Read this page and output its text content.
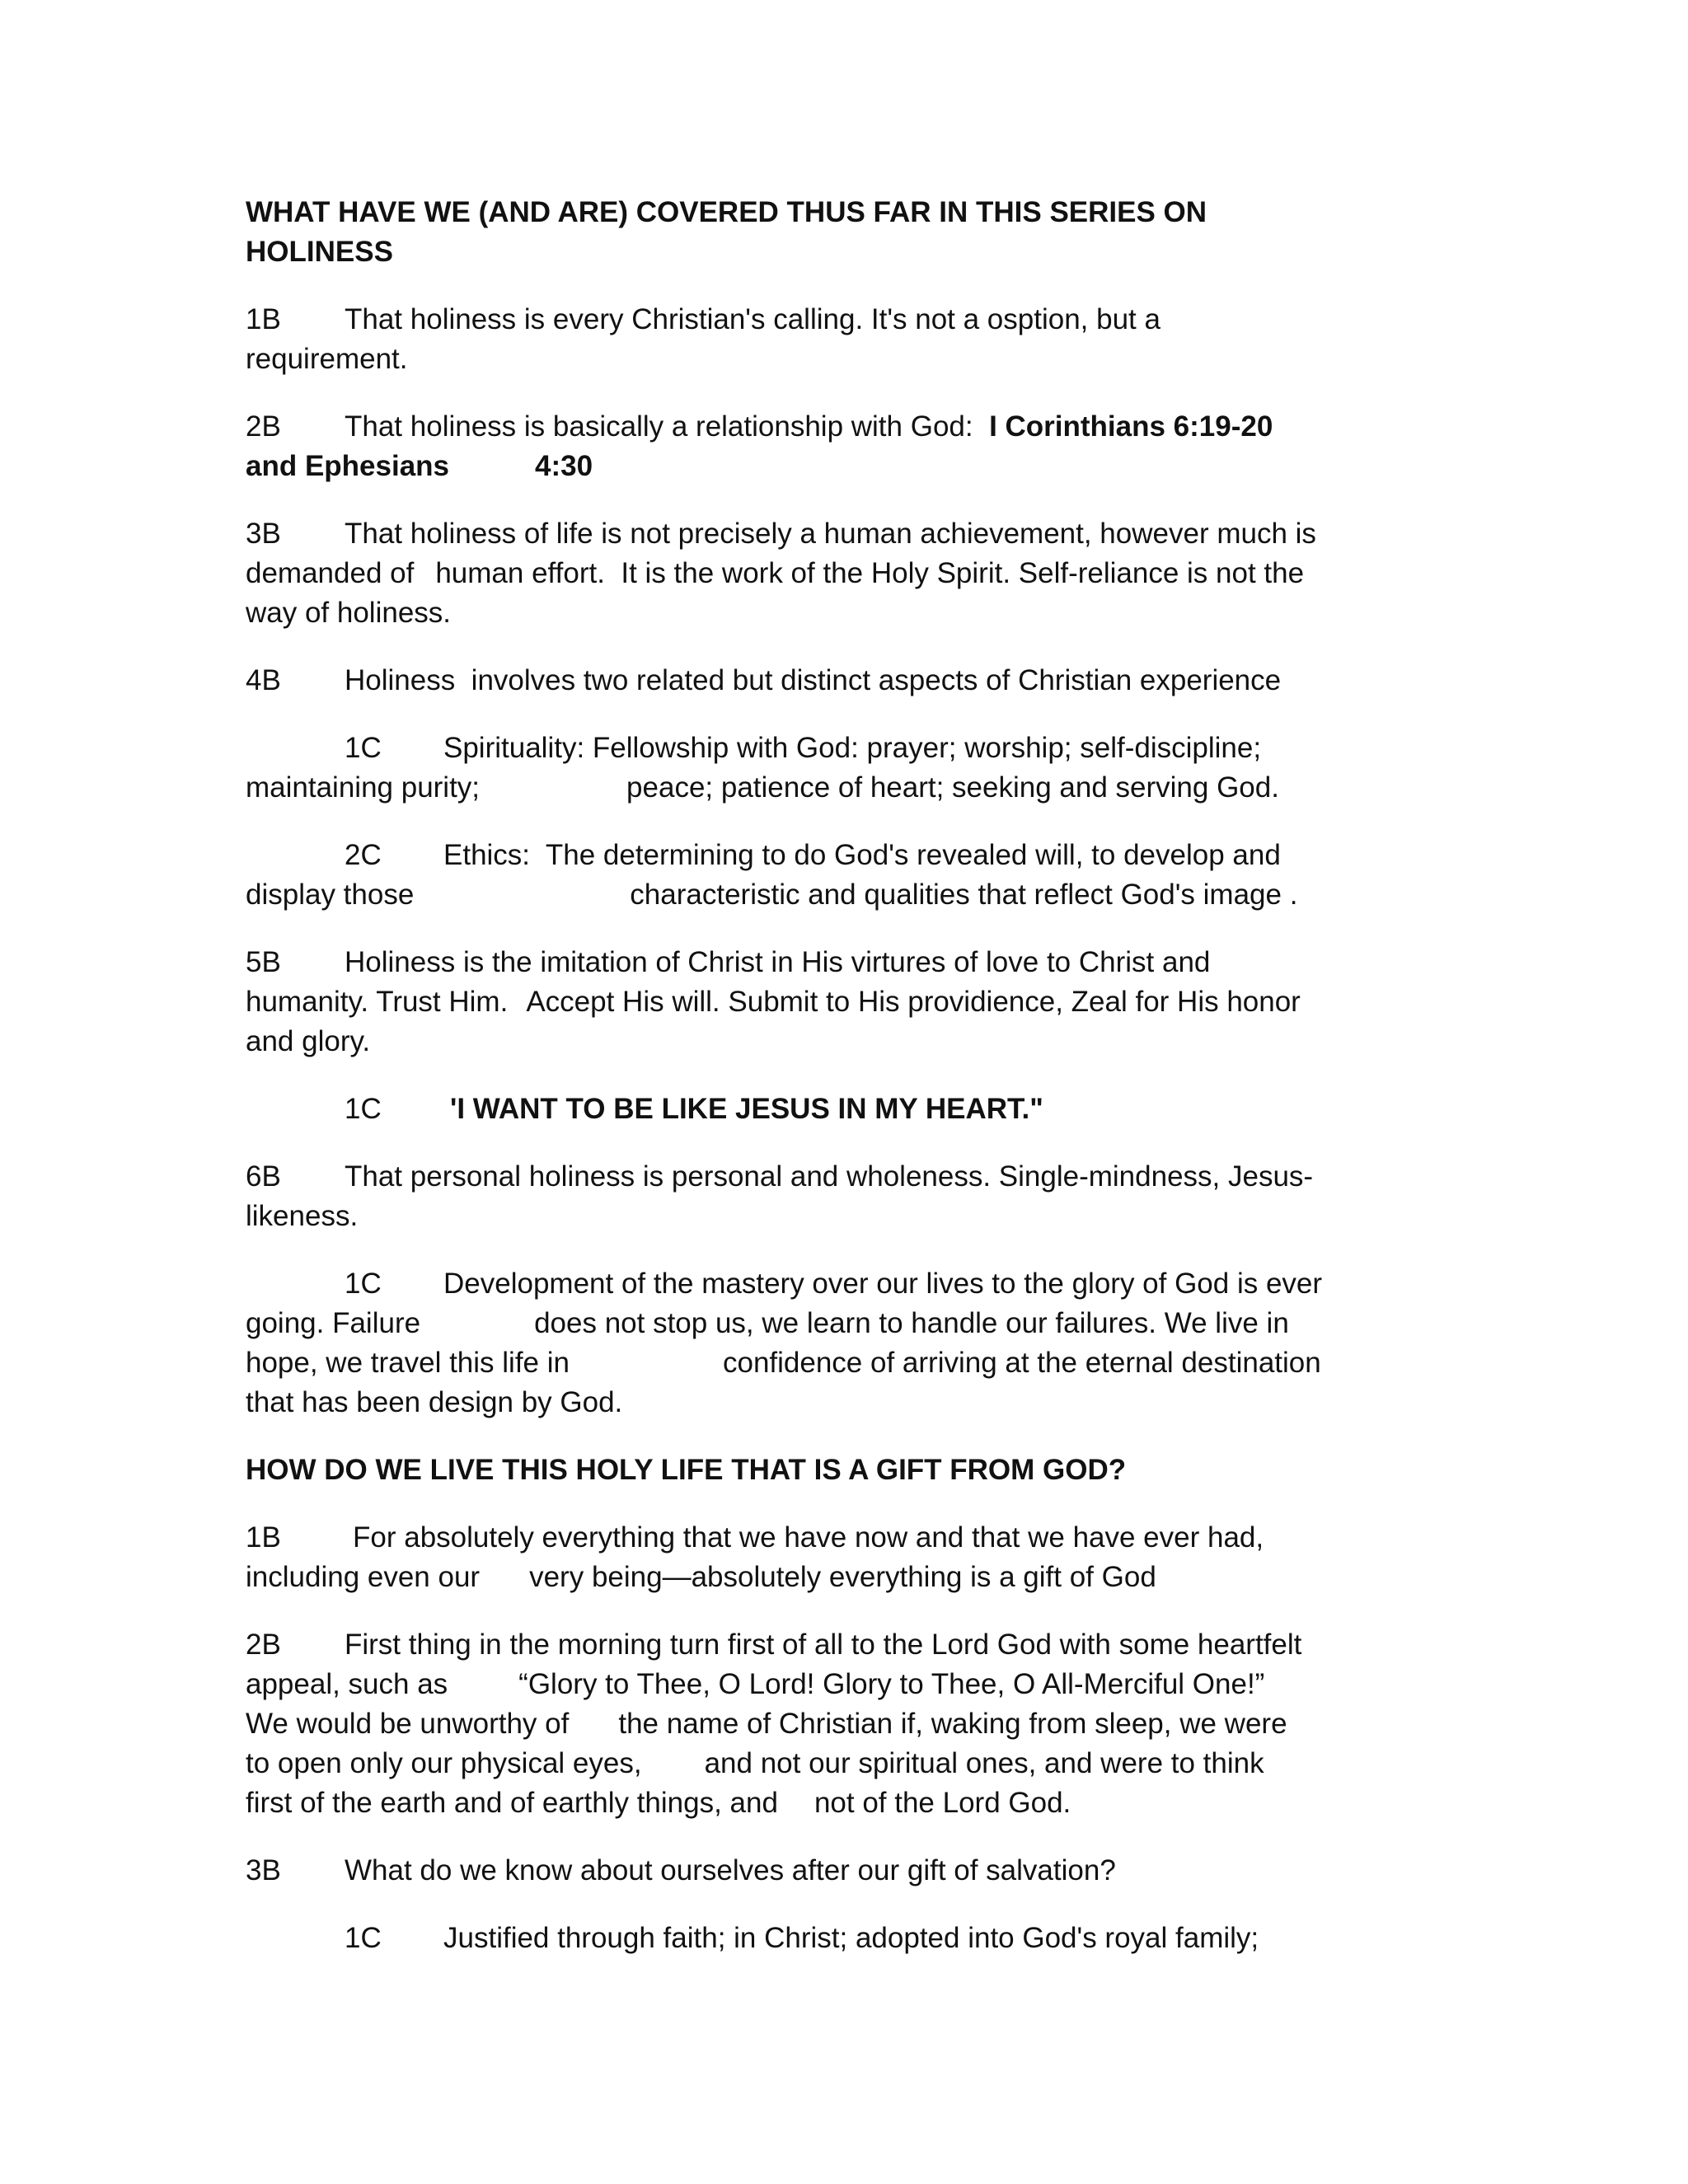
WHAT HAVE WE (AND ARE) COVERED THUS FAR IN THIS SERIES ON
HOLINESS
1B That holiness is every Christian's calling. It's not a osption, but a
requirement.
2B That holiness is basically a relationship with God:  I Corinthians 6:19-20
and Ephesians	4:30
3B That holiness of life is not precisely a human achievement, however much is
demanded of human effort.  It is the work of the Holy Spirit. Self-reliance is not the
way of holiness.
4B Holiness  involves two related but distinct aspects of Christian experience
1C Spirituality: Fellowship with God: prayer; worship; self-discipline;
maintaining purity;	peace; patience of heart; seeking and serving God.
2C Ethics:  The determining to do God's revealed will, to develop and
display those	characteristic and qualities that reflect God's image .
5B Holiness is the imitation of Christ in His virtures of love to Christ and
humanity. Trust Him. Accept His will. Submit to His providience, Zeal for His honor
and glory.
1C 'I WANT TO BE LIKE JESUS IN MY HEART."
6B That personal holiness is personal and wholeness. Single-mindness, Jesus-
likeness.
1C Development of the mastery over our lives to the glory of God is ever
going. Failure	does not stop us, we learn to handle our failures. We live in
hope, we travel this life in	confidence of arriving at the eternal destination
that has been design by God.
HOW DO WE LIVE THIS HOLY LIFE THAT IS A GIFT FROM GOD?
1B For absolutely everything that we have now and that we have ever had,
including even our very being—absolutely everything is a gift of God
2B First thing in the morning turn first of all to the Lord God with some heartfelt
appeal, such as “Glory to Thee, O Lord! Glory to Thee, O All-Merciful One!”
We would be unworthy of the name of Christian if, waking from sleep, we were
to open only our physical eyes, and not our spiritual ones, and were to think
first of the earth and of earthly things, and not of the Lord God.
3B What do we know about ourselves after our gift of salvation?
1C Justified through faith; in Christ; adopted into God's royal family;
